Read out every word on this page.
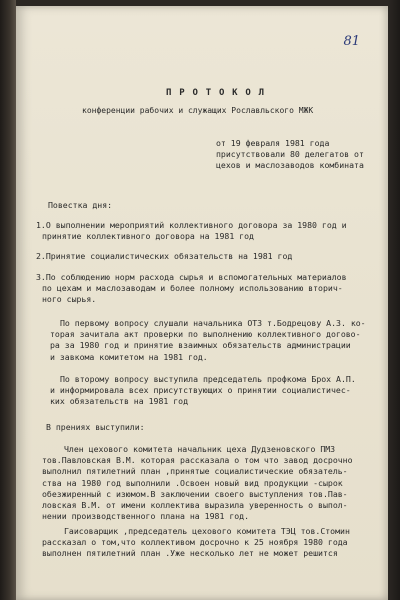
81
П Р О Т О К О Л
конференции рабочих и служащих Рославльского МЖК
от 19 февраля 1981 года
присутствовали 80 делегатов от
цехов и маслозаводов комбината
Повестка дня:
1.О выполнении мероприятий коллективного договора за 1980 год и
принятие коллективного договора на 1981 год
2.Принятие социалистических обязательств на 1981 год
3.По соблюдению норм расхода сырья и вспомогательных материалов
по цехам и маслозаводам и более полному использованию вторич-
ного сырья.
По первому вопросу слушали начальника ОТЗ т.Бодрецову А.З. ко-
торая зачитала акт проверки по выполнению коллективного догово-
ра за 1980 год и принятие взаимных обязательств администрации
и завкома комитетом на 1981 год.
По второму вопросу выступила председатель профкома Брох А.П.
и информировала всех присутствующих о принятии социалистичес-
ких обязательств на 1981 год
В прениях выступили:
Член цехового комитета начальник цеха Дудзеновского ПМЗ
тов.Павловская В.М. которая рассказала о том что завод досрочно
выполнил пятилетний план ,принятые социалистические обязатель-
ства на 1980 год выполнили .Освоен новый вид продукции -сырок
обезжиренный с изюмом.В заключении своего выступления тов.Пав-
ловская В.М. от имени коллектива выразила уверенность о выпол-
нении производственного плана на 1981 год.
Гаисоварщик ,председатель цехового комитета ТЭЦ тов.Стомин
рассказал о том,что коллективом досрочно к 25 ноября 1980 года
выполнен пятилетний план .Уже несколько лет не может решится
